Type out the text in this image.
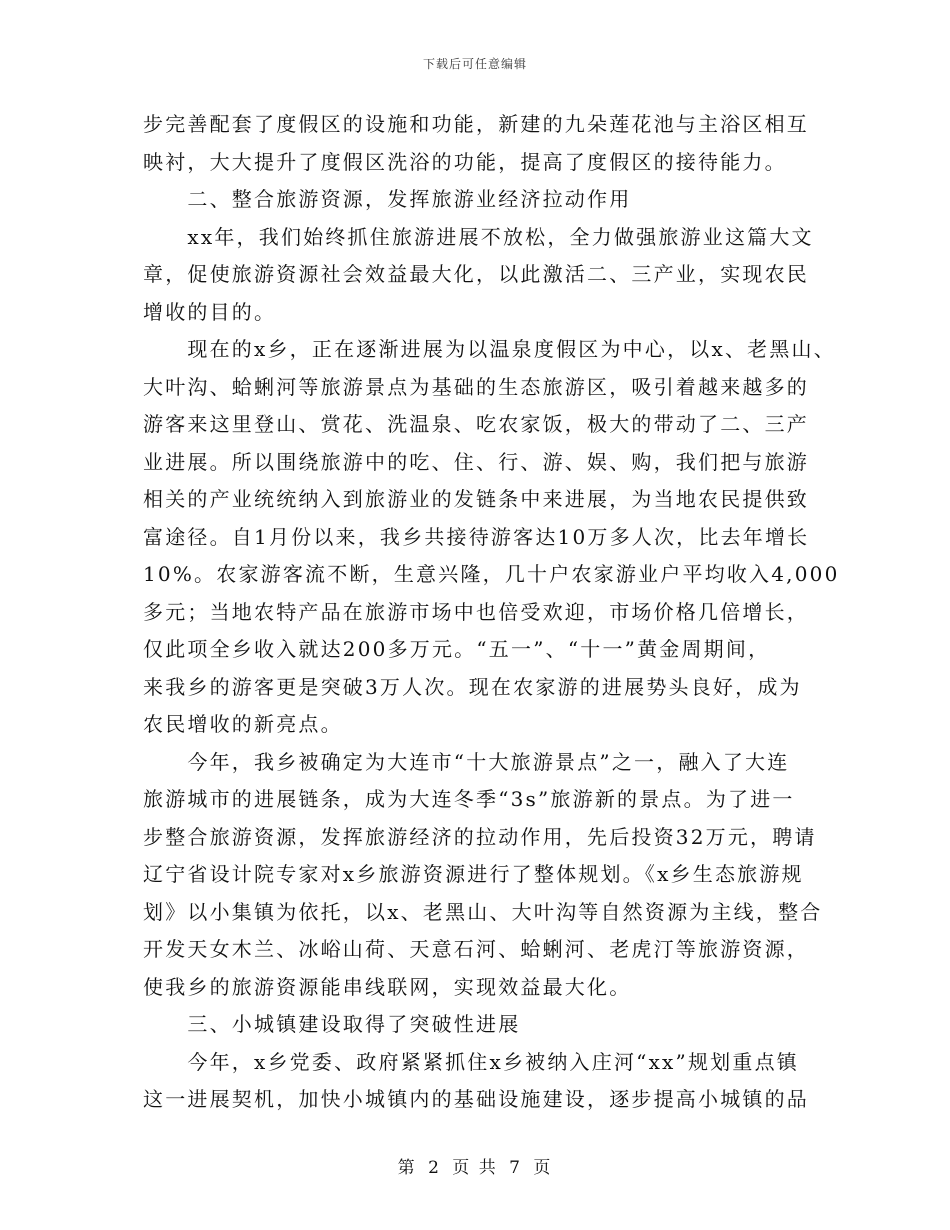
下载后可任意编辑
步完善配套了度假区的设施和功能，新建的九朵莲花池与主浴区相互
映衬，大大提升了度假区洗浴的功能，提高了度假区的接待能力。
　　二、整合旅游资源，发挥旅游业经济拉动作用
　　xx年，我们始终抓住旅游进展不放松，全力做强旅游业这篇大文
章，促使旅游资源社会效益最大化，以此激活二、三产业，实现农民
增收的目的。
　　现在的x乡，正在逐渐进展为以温泉度假区为中心，以x、老黑山、
大叶沟、蛤蜊河等旅游景点为基础的生态旅游区，吸引着越来越多的
游客来这里登山、赏花、洗温泉、吃农家饭，极大的带动了二、三产
业进展。所以围绕旅游中的吃、住、行、游、娱、购，我们把与旅游
相关的产业统统纳入到旅游业的发链条中来进展，为当地农民提供致
富途径。自1月份以来，我乡共接待游客达10万多人次，比去年增长
10%。农家游客流不断，生意兴隆，几十户农家游业户平均收入4,000
多元；当地农特产品在旅游市场中也倍受欢迎，市场价格几倍增长，
仅此项全乡收入就达200多万元。“五一”、“十一”黄金周期间，
来我乡的游客更是突破3万人次。现在农家游的进展势头良好，成为
农民增收的新亮点。
　　今年，我乡被确定为大连市“十大旅游景点”之一，融入了大连
旅游城市的进展链条，成为大连冬季“3s”旅游新的景点。为了进一
步整合旅游资源，发挥旅游经济的拉动作用，先后投资32万元，聘请
辽宁省设计院专家对x乡旅游资源进行了整体规划。《x乡生态旅游规
划》以小集镇为依托，以x、老黑山、大叶沟等自然资源为主线，整合
开发天女木兰、冰峪山荷、天意石河、蛤蜊河、老虎汀等旅游资源，
使我乡的旅游资源能串线联网，实现效益最大化。
　　三、小城镇建设取得了突破性进展
　　今年，x乡党委、政府紧紧抓住x乡被纳入庄河“xx”规划重点镇
这一进展契机，加快小城镇内的基础设施建设，逐步提高小城镇的品
第 2 页 共 7 页
